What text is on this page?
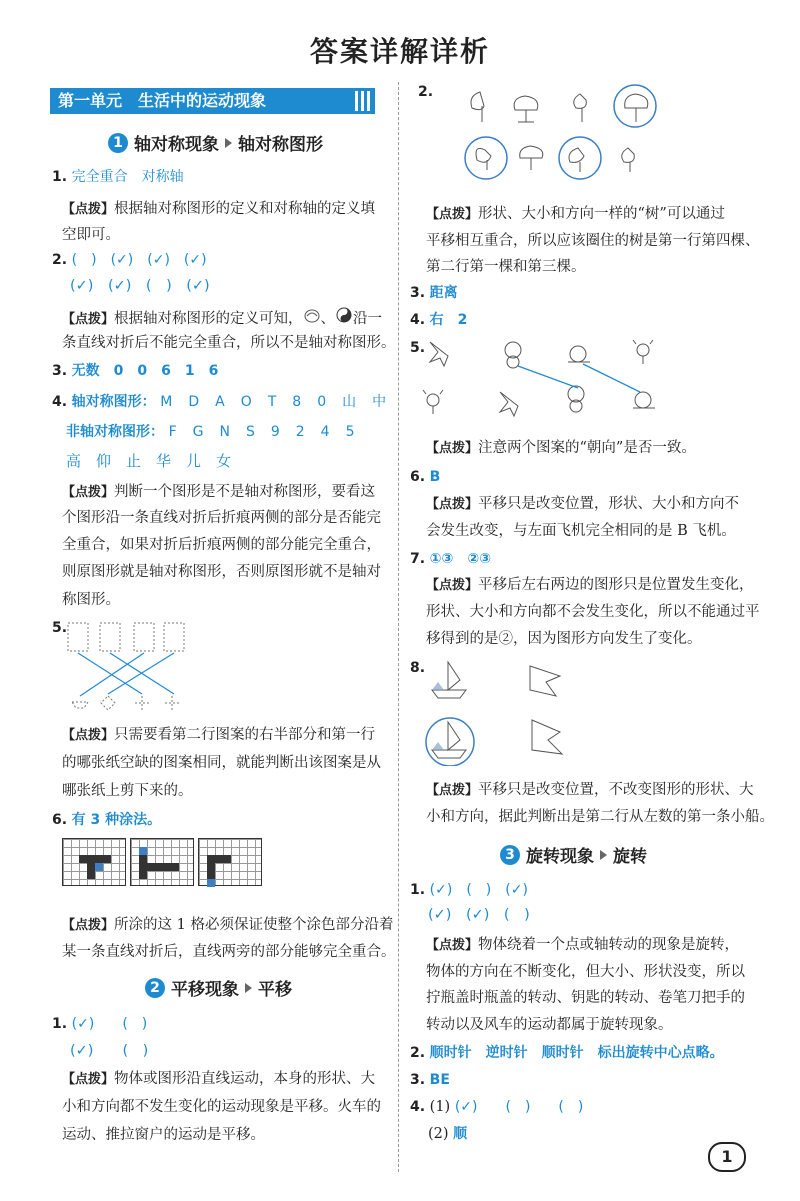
答案详解详析
第一单元　生活中的运动现象
1 轴对称现象 轴对称图形
1. 完全重合　对称轴
【点拨】根据轴对称图形的定义和对称轴的定义填
空即可。
2. (　)　(✓)　(✓)　(✓)
(✓)　(✓)　(　)　(✓)
【点拨】根据轴对称图形的定义可知， 、 沿一
条直线对折后不能完全重合，所以不是轴对称图形。
3. 无数　0　0　6　1　6
4. 轴对称图形： M　D　A　O　T　8　0　山　中
非轴对称图形： F　G　N　S　9　2　4　5
高　仰　止　华　儿　女
【点拨】判断一个图形是不是轴对称图形，要看这
个图形沿一条直线对折后折痕两侧的部分是否能完
全重合，如果对折后折痕两侧的部分能完全重合，
则原图形就是轴对称图形，否则原图形就不是轴对
称图形。
5.
【点拨】只需要看第二行图案的右半部分和第一行
的哪张纸空缺的图案相同，就能判断出该图案是从
哪张纸上剪下来的。
6. 有 3 种涂法。
【点拨】所涂的这 1 格必须保证使整个涂色部分沿着
某一条直线对折后，直线两旁的部分能够完全重合。
2 平移现象 平移
1. (✓)　　(　)
(✓)　　(　)
【点拨】物体或图形沿直线运动，本身的形状、大
小和方向都不发生变化的运动现象是平移。火车的
运动、推拉窗户的运动是平移。
2.
【点拨】形状、大小和方向一样的“树”可以通过
平移相互重合，所以应该圈住的树是第一行第四棵、
第二行第一棵和第三棵。
3. 距离
4. 右　2
5.
【点拨】注意两个图案的“朝向”是否一致。
6. B
【点拨】平移只是改变位置，形状、大小和方向不
会发生改变，与左面飞机完全相同的是 B 飞机。
7. ①③　②③
【点拨】平移后左右两边的图形只是位置发生变化，
形状、大小和方向都不会发生变化，所以不能通过平
移得到的是②，因为图形方向发生了变化。
8.
【点拨】平移只是改变位置，不改变图形的形状、大
小和方向，据此判断出是第二行从左数的第一条小船。
3 旋转现象 旋转
1. (✓)　(　)　(✓)
(✓)　(✓)　(　)
【点拨】物体绕着一个点或轴转动的现象是旋转，
物体的方向在不断变化，但大小、形状没变，所以
拧瓶盖时瓶盖的转动、钥匙的转动、卷笔刀把手的
转动以及风车的运动都属于旋转现象。
2. 顺时针　逆时针　顺时针　标出旋转中心点略。
3. BE
4. (1) (✓)　　(　)　　(　)
(2) 顺
1
